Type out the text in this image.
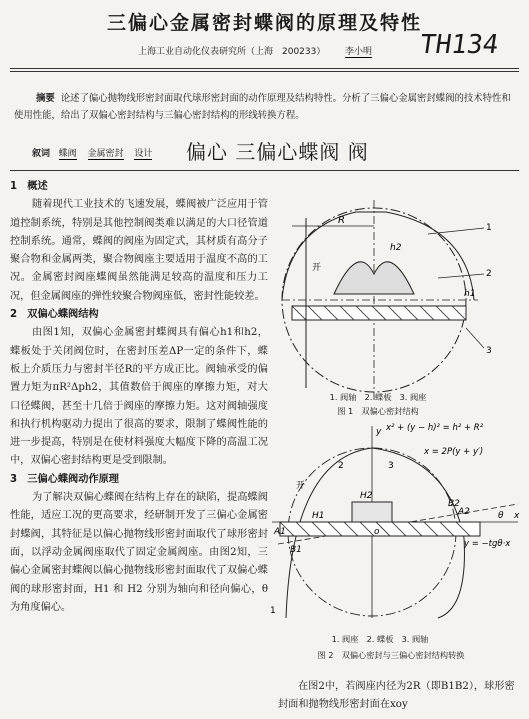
三偏心金属密封蝶阀的原理及特性
TH134
上海工业自动化仪表研究所（上海　200233） 李小明
摘要 论述了偏心抛物线形密封面取代球形密封面的动作原理及结构特性。分析了三偏心金属密封蝶阀的技术特性和使用性能，给出了双偏心密封结构与三偏心密封结构的形线转换方程。
叙词 蝶阀 金属密封 设计	偏心 三偏心蝶阀 阀
1　概述

随着现代工业技术的飞速发展，蝶阀被广泛应用于管道控制系统，特别是其他控制阀类难以满足的大口径管道控制系统。通常，蝶阀的阀座为固定式，其材质有高分子聚合物和金属两类，聚合物阀座主要适用于温度不高的工况。金属密封阀座蝶阀虽然能满足较高的温度和压力工况，但金属阀座的弹性较聚合物阀座低，密封性能较差。

2　双偏心蝶阀结构

由图1知，双偏心金属密封蝶阀具有偏心h1和h2，蝶板处于关闭阀位时，在密封压差ΔP一定的条件下，蝶板上介质压力与密封半径R的平方成正比。阀轴承受的偏置力矩为πR²Δph2，其值数倍于阀座的摩擦力矩，对大口径蝶阀，甚至十几倍于阀座的摩擦力矩。这对阀轴强度和执行机构驱动力提出了很高的要求，限制了蝶阀性能的进一步提高，特别是在使材料强度大幅度下降的高温工况中，双偏心密封结构更是受到限制。

3　三偏心蝶阀动作原理

为了解决双偏心蝶阀在结构上存在的缺陷，提高蝶阀性能，适应工况的更高要求，经研制开发了三偏心金属密封蝶阀，其特征是以偏心抛物线形密封面取代了球形密封面，以浮动金属阀座取代了固定金属阀座。由图2知，三偏心金属密封蝶阀以偏心抛物线形密封面取代了双偏心蝶阀的球形密封面，H1 和 H2 分别为轴向和径向偏心，θ 为角度偏心。

R
h2
h1
开
1
2
3
1. 阀轴　2. 蝶板　3. 阀座
图 1　双偏心密封结构
1
2	3
x² + (y − h)² = h² + R²
x = 2P(y + y′)
y = −tgθ·x
H2
H1
A1
A2
B1
B2
o
y
x
θ
开
1. 阀座　2. 蝶板　3. 阀轴
图 2　双偏心密封与三偏心密封结构转换
在图2中，若阀座内径为2R（即B1B2），球形密封面和抛物线形密封面在xoy
